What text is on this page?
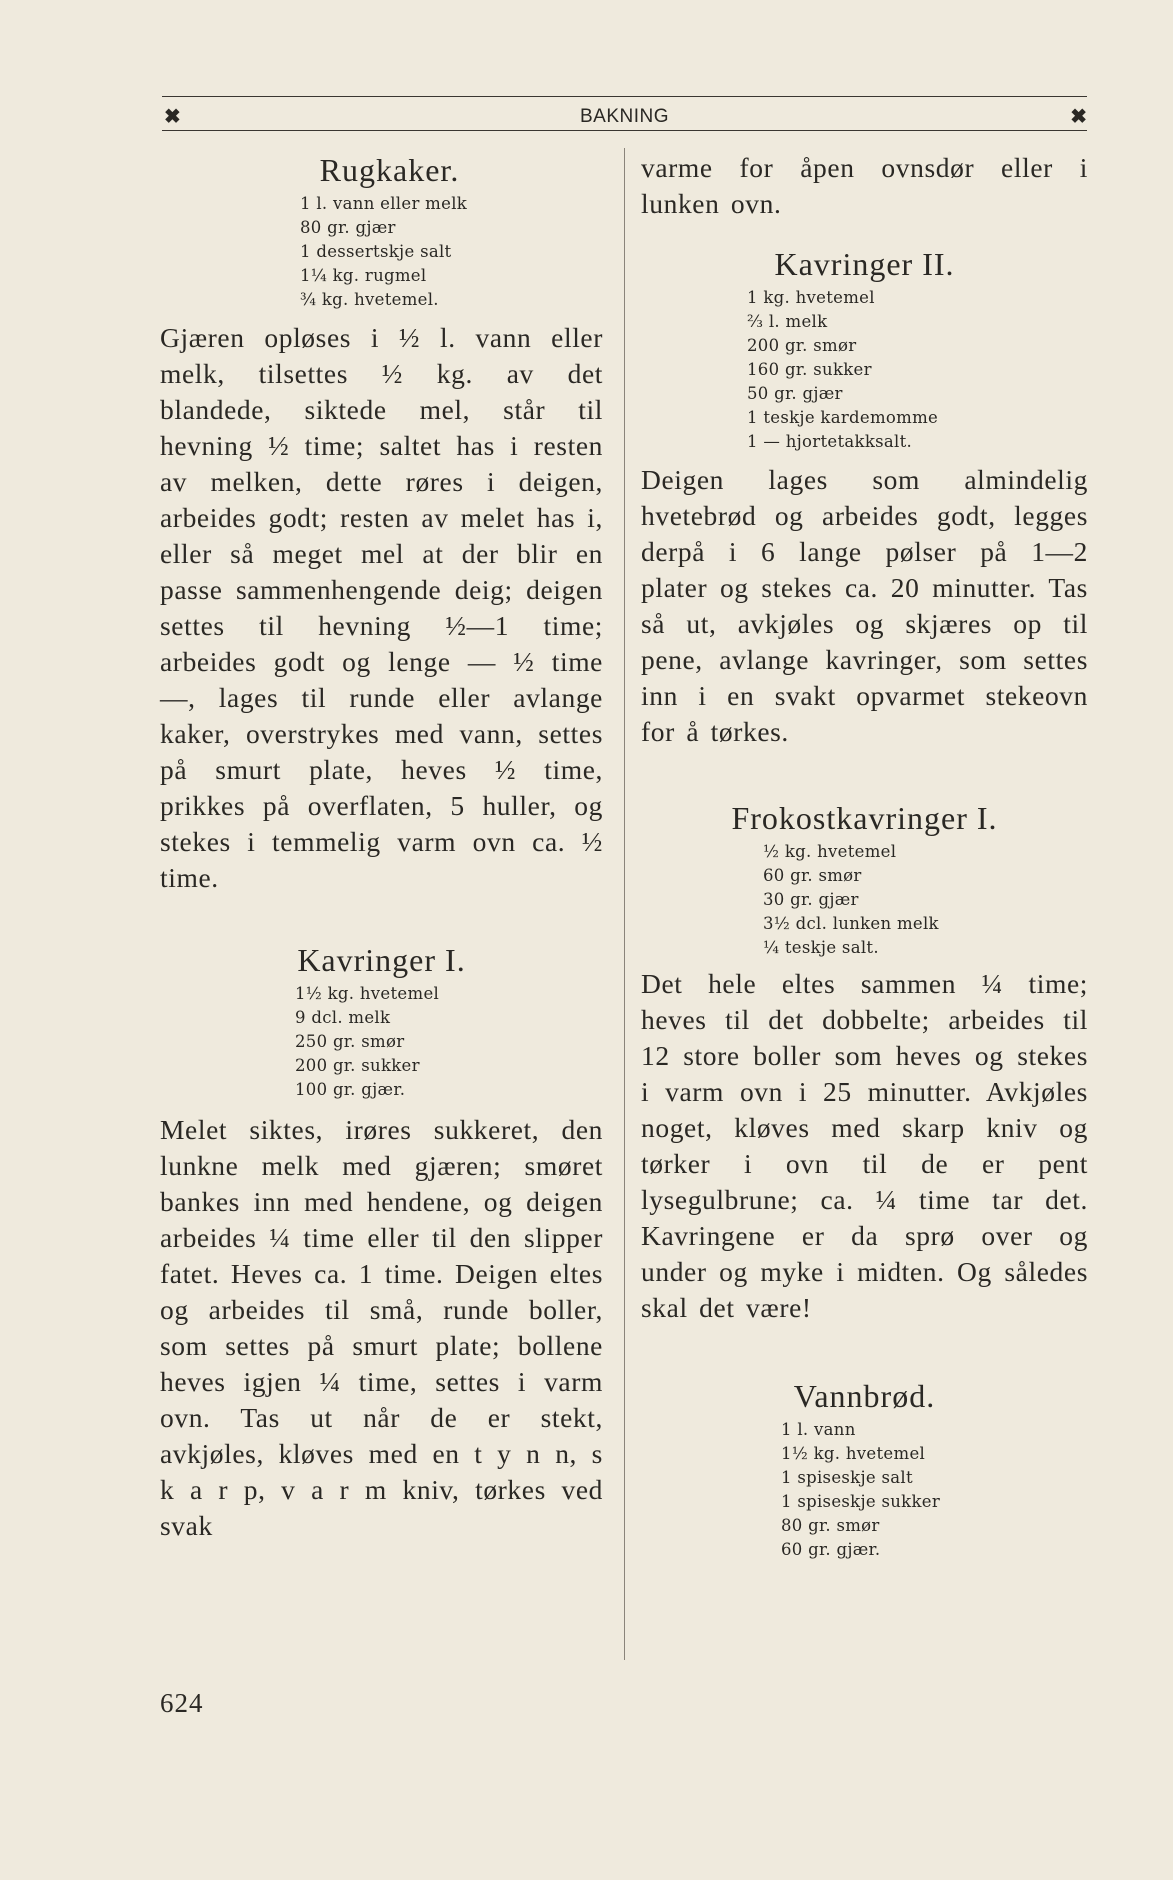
✖	BAKNING	✖
Rugkaker.
1 l. vann eller melk
80 gr. gjær
1 dessertskje salt
1¼ kg. rugmel
¾ kg. hvetemel.

Gjæren opløses i ½ l. vann eller melk, tilsettes ½ kg. av det blandede, siktede mel, står til hevning ½ time; saltet has i resten av melken, dette røres i deigen, arbeides godt; resten av melet has i, eller så meget mel at der blir en passe sammenhengende deig; deigen settes til hevning ½—1 time; arbeides godt og lenge — ½ time —, lages til runde eller avlange kaker, overstrykes med vann, settes på smurt plate, heves ½ time, prikkes på overflaten, 5 huller, og stekes i temmelig varm ovn ca. ½ time.

Kavringer I.
1½ kg. hvetemel
9 dcl. melk
250 gr. smør
200 gr. sukker
100 gr. gjær.

Melet siktes, irøres sukkeret, den lunkne melk med gjæren; smøret bankes inn med hendene, og deigen arbeides ¼ time eller til den slipper fatet. Heves ca. 1 time. Deigen eltes og arbeides til små, runde boller, som settes på smurt plate; bollene heves igjen ¼ time, settes i varm ovn. Tas ut når de er stekt, avkjøles, kløves med en t y n n, s k a r p, v a r m kniv, tørkes ved svak

varme for åpen ovnsdør eller i lunken ovn.

Kavringer II.
1 kg. hvetemel
⅔ l. melk
200 gr. smør
160 gr. sukker
50 gr. gjær
1 teskje kardemomme
1 — hjortetakksalt.

Deigen lages som almindelig hvetebrød og arbeides godt, legges derpå i 6 lange pølser på 1—2 plater og stekes ca. 20 minutter. Tas så ut, avkjøles og skjæres op til pene, avlange kavringer, som settes inn i en svakt opvarmet stekeovn for å tørkes.

Frokostkavringer I.
½ kg. hvetemel
60 gr. smør
30 gr. gjær
3½ dcl. lunken melk
¼ teskje salt.

Det hele eltes sammen ¼ time; heves til det dobbelte; arbeides til 12 store boller som heves og stekes i varm ovn i 25 minutter. Avkjøles noget, kløves med skarp kniv og tørker i ovn til de er pent lysegulbrune; ca. ¼ time tar det. Kavringene er da sprø over og under og myke i midten. Og således skal det være!

Vannbrød.
1 l. vann
1½ kg. hvetemel
1 spiseskje salt
1 spiseskje sukker
80 gr. smør
60 gr. gjær.
624
